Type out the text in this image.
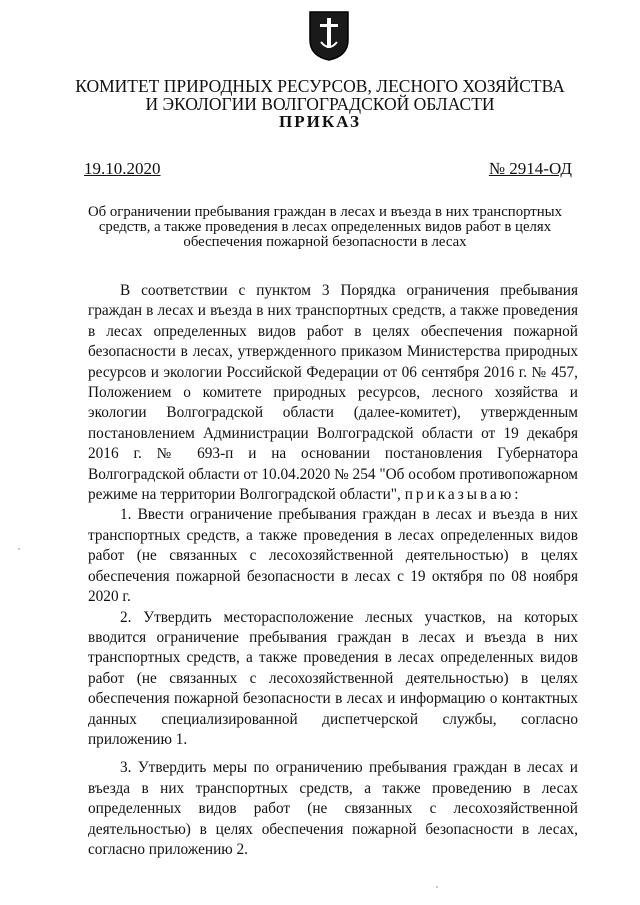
КОМИТЕТ ПРИРОДНЫХ РЕСУРСОВ, ЛЕСНОГО ХОЗЯЙСТВА
И ЭКОЛОГИИ ВОЛГОГРАДСКОЙ ОБЛАСТИ
ПРИКАЗ
19.10.2020	№ 2914-ОД
Об ограничении пребывания граждан в лесах и въезда в них транспортных
средств, а также проведения в лесах определенных видов работ в целях
обеспечения пожарной безопасности в лесах

В соответствии с пунктом 3 Порядка ограничения пребывания граждан в лесах и въезда в них транспортных средств, а также проведения в лесах определенных видов работ в целях обеспечения пожарной безопасности в лесах, утвержденного приказом Министерства природных ресурсов и экологии Российской Федерации от 06 сентября 2016 г. № 457, Положением о комитете природных ресурсов, лесного хозяйства и экологии Волгоградской области (далее-комитет), утвержденным постановлением Администрации Волгоградской области от 19 декабря 2016 г. № 693-п и на основании постановления Губернатора Волгоградской области от 10.04.2020 № 254 "Об особом противопожарном режиме на территории Волгоградской области", приказываю:

1. Ввести ограничение пребывания граждан в лесах и въезда в них транспортных средств, а также проведения в лесах определенных видов работ (не связанных с лесохозяйственной деятельностью) в целях обеспечения пожарной безопасности в лесах с 19 октября по 08 ноября 2020 г.

2. Утвердить месторасположение лесных участков, на которых вводится ограничение пребывания граждан в лесах и въезда в них транспортных средств, а также проведения в лесах определенных видов работ (не связанных с лесохозяйственной деятельностью) в целях обеспечения пожарной безопасности в лесах и информацию о контактных данных специализированной диспетчерской службы, согласно приложению 1.

3. Утвердить меры по ограничению пребывания граждан в лесах и въезда в них транспортных средств, а также проведению в лесах определенных видов работ (не связанных с лесохозяйственной деятельностью) в целях обеспечения пожарной безопасности в лесах, согласно приложению 2.
